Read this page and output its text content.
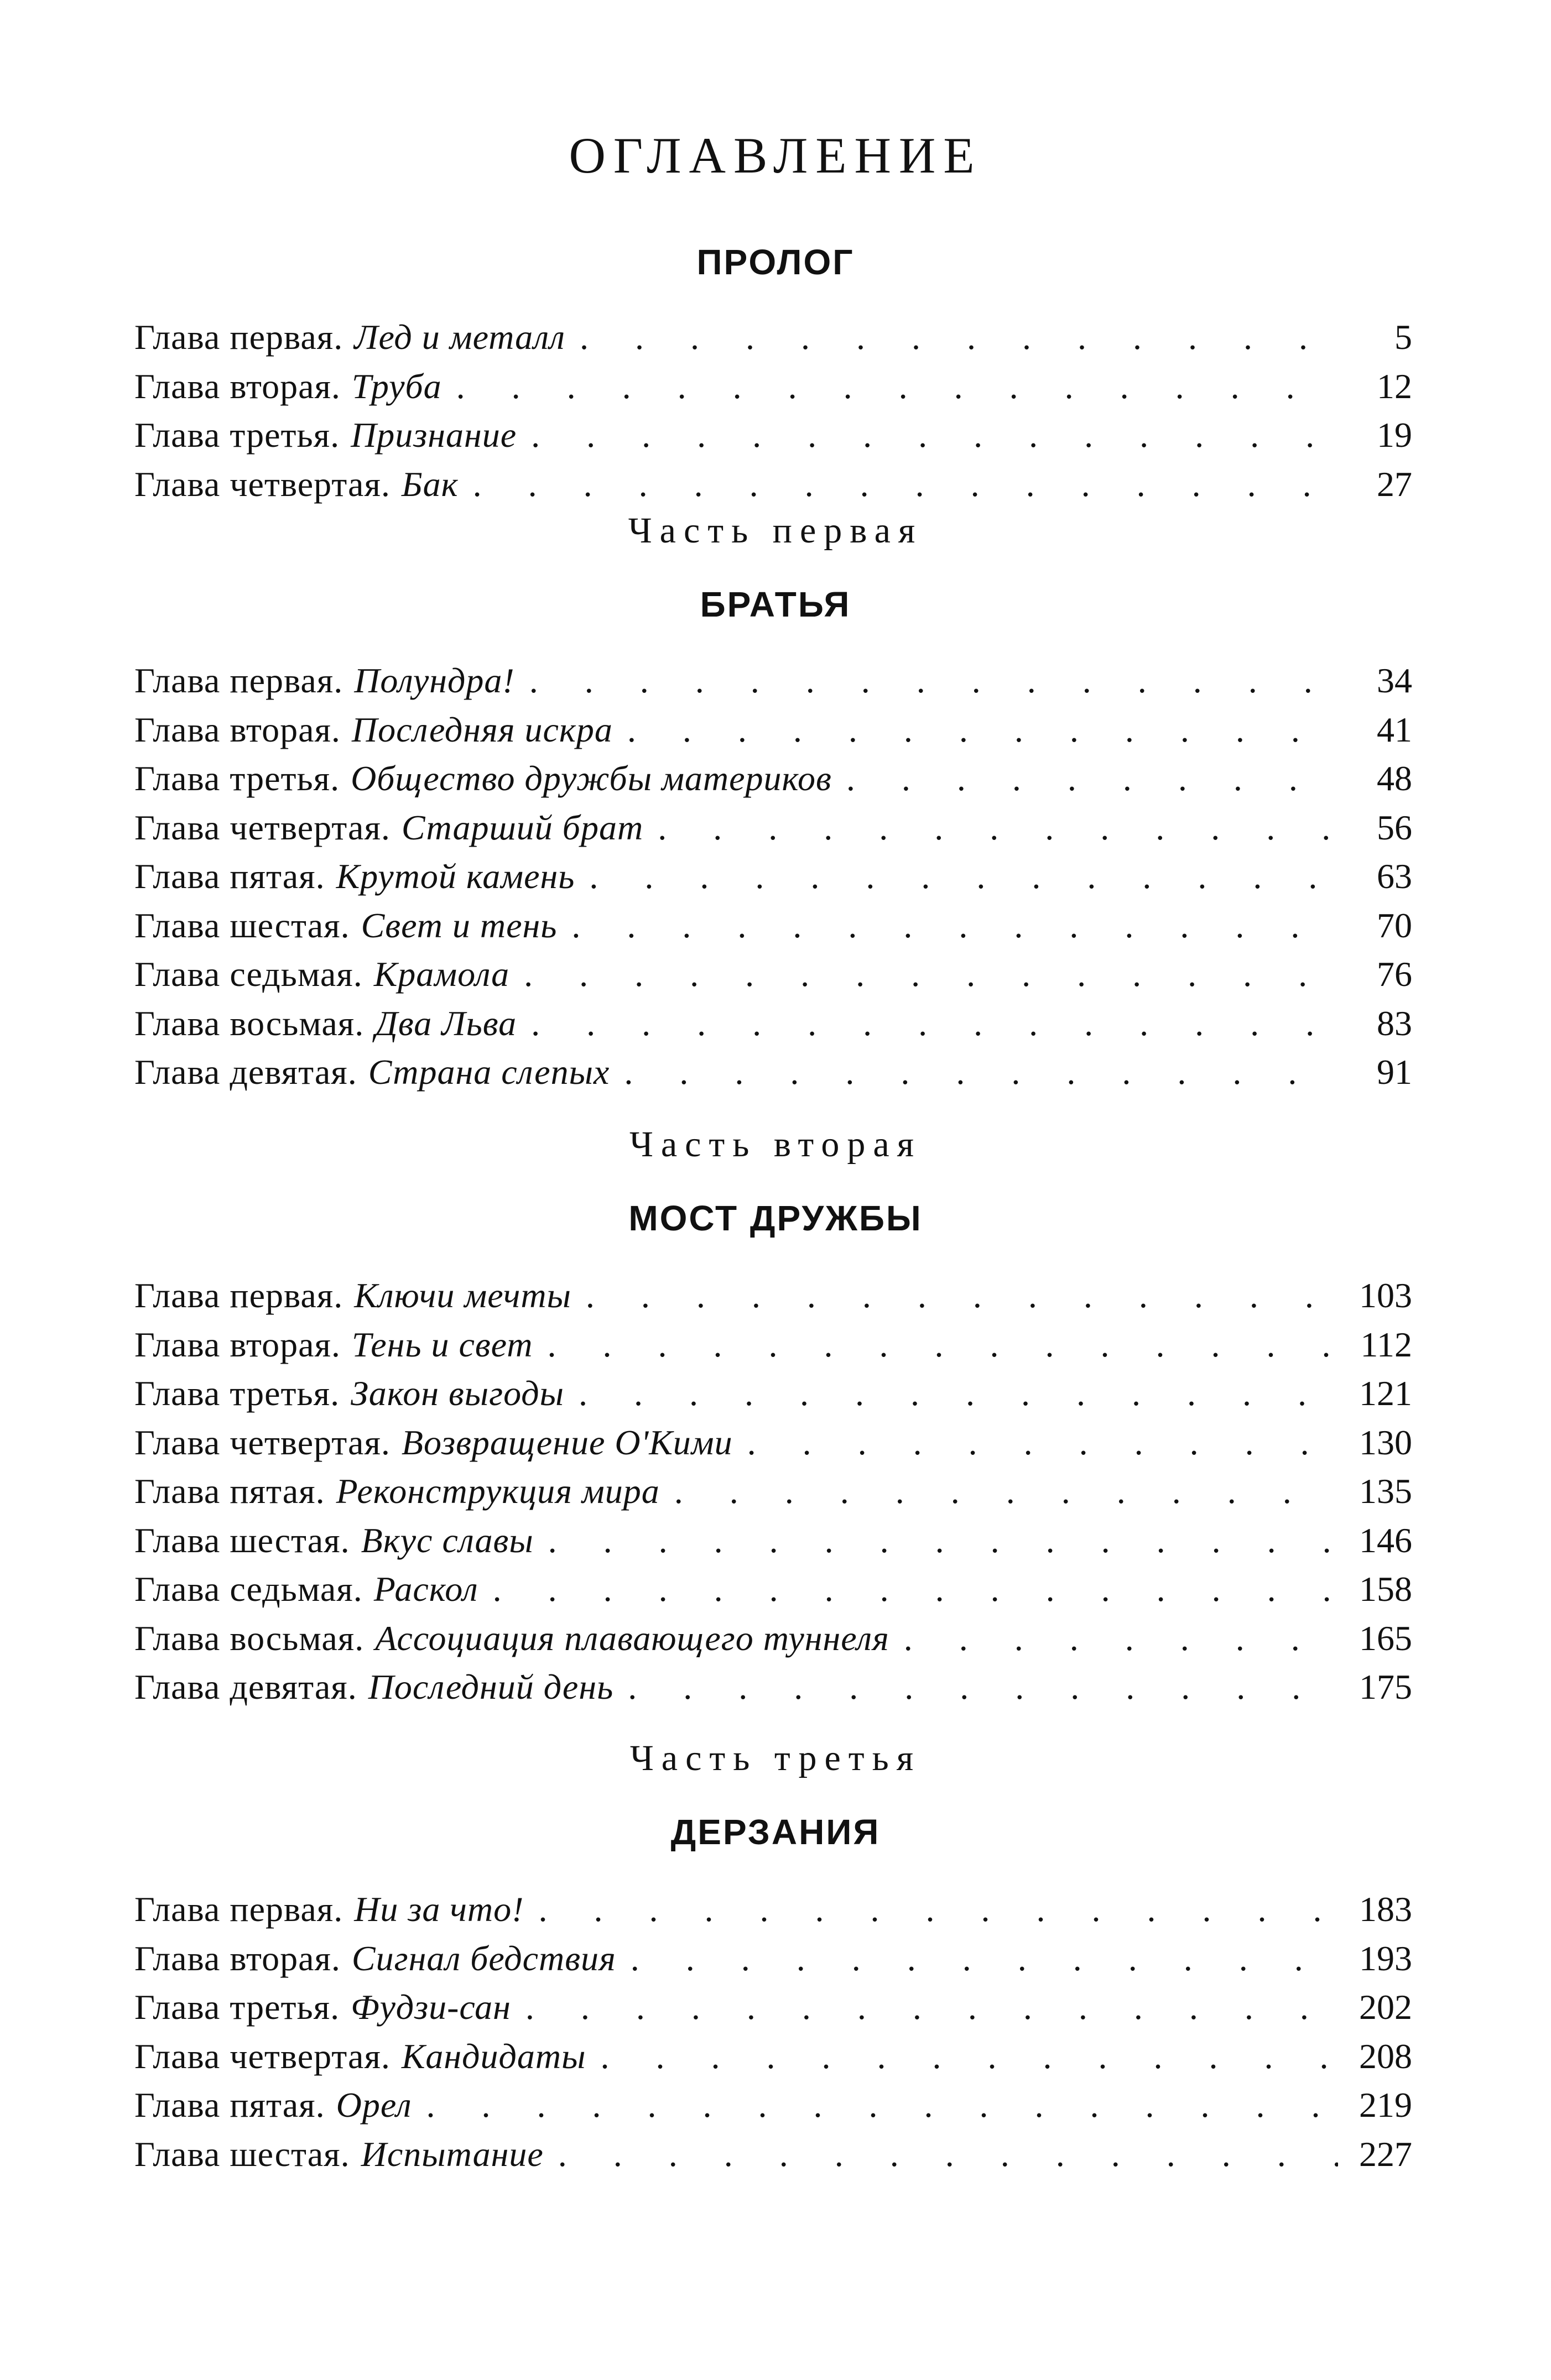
ОГЛАВЛЕНИЕ
ПРОЛОГ
Глава первая. Лед и металл . . .	5
Глава вторая. Труба . . .	12
Глава третья. Признание . . .	19
Глава четвертая. Бак . . .	27
Часть первая
БРАТЬЯ
Глава первая. Полундра! . . .	34
Глава вторая. Последняя искра . . .	41
Глава третья. Общество дружбы материков . . .	48
Глава четвертая. Старший брат . . .	56
Глава пятая. Крутой камень . . .	63
Глава шестая. Свет и тень . . .	70
Глава седьмая. Крамола . . .	76
Глава восьмая. Два Льва . . .	83
Глава девятая. Страна слепых . . .	91
Часть вторая
МОСТ ДРУЖБЫ
Глава первая. Ключи мечты . . .	103
Глава вторая. Тень и свет . . .	112
Глава третья. Закон выгоды . . .	121
Глава четвертая. Возвращение О'Кими . . .	130
Глава пятая. Реконструкция мира . . .	135
Глава шестая. Вкус славы . . .	146
Глава седьмая. Раскол . . .	158
Глава восьмая. Ассоциация плавающего туннеля . . .	165
Глава девятая. Последний день . . .	175
Часть третья
ДЕРЗАНИЯ
Глава первая. Ни за что! . . .	183
Глава вторая. Сигнал бедствия . . .	193
Глава третья. Фудзи-сан . . .	202
Глава четвертая. Кандидаты . . .	208
Глава пятая. Орел . . .	219
Глава шестая. Испытание . . .	227
